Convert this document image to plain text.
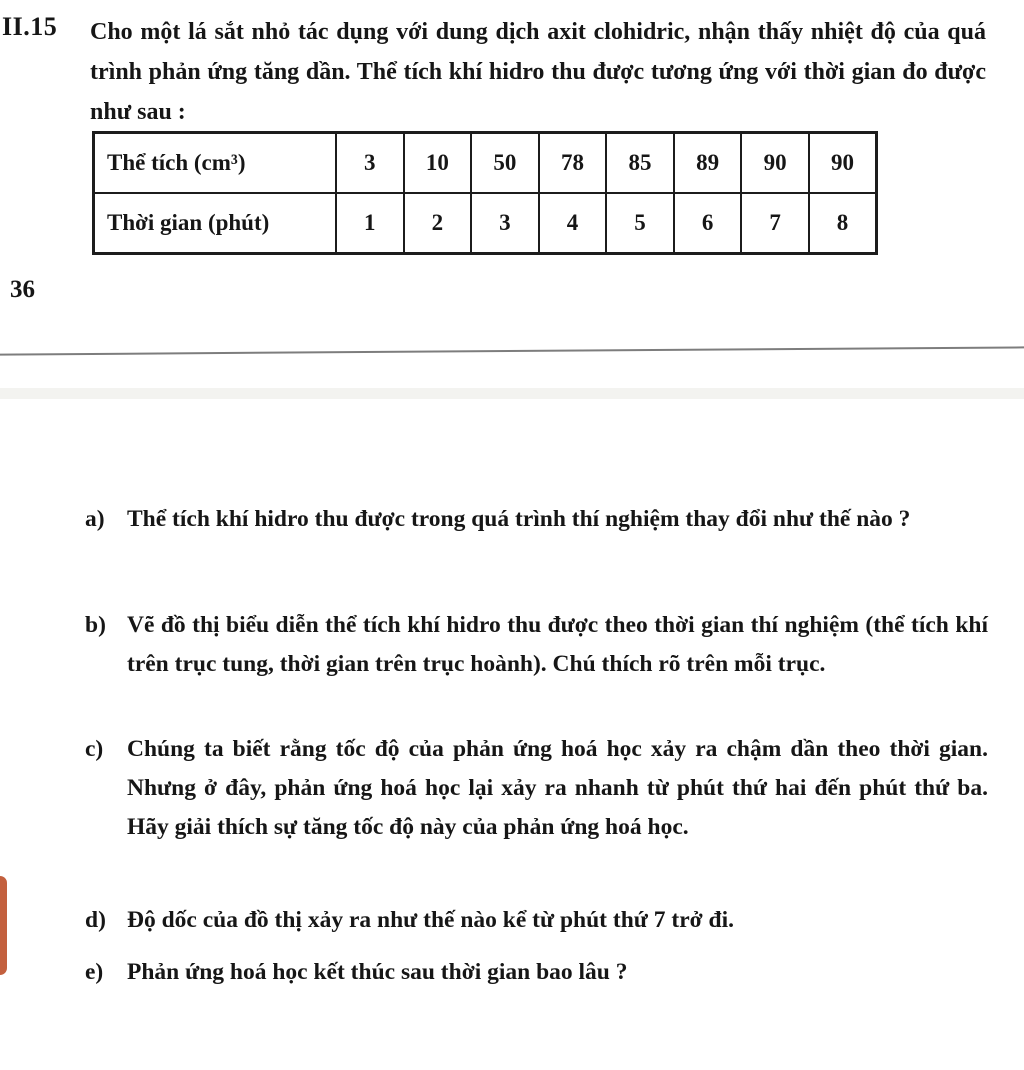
II.15 Cho một lá sắt nhỏ tác dụng với dung dịch axit clohidric, nhận thấy nhiệt độ của quá trình phản ứng tăng dần. Thể tích khí hidro thu được tương ứng với thời gian đo được như sau :
Thể tích (cm³)	3	10	50	78	85	89	90	90
Thời gian (phút)	1	2	3	4	5	6	7	8
36
a) Thể tích khí hidro thu được trong quá trình thí nghiệm thay đổi như thế nào ?
b) Vẽ đồ thị biểu diễn thể tích khí hidro thu được theo thời gian thí nghiệm (thể tích khí trên trục tung, thời gian trên trục hoành). Chú thích rõ trên mỗi trục.
c) Chúng ta biết rằng tốc độ của phản ứng hoá học xảy ra chậm dần theo thời gian. Nhưng ở đây, phản ứng hoá học lại xảy ra nhanh từ phút thứ hai đến phút thứ ba. Hãy giải thích sự tăng tốc độ này của phản ứng hoá học.
d) Độ dốc của đồ thị xảy ra như thế nào kể từ phút thứ 7 trở đi.
e) Phản ứng hoá học kết thúc sau thời gian bao lâu ?
